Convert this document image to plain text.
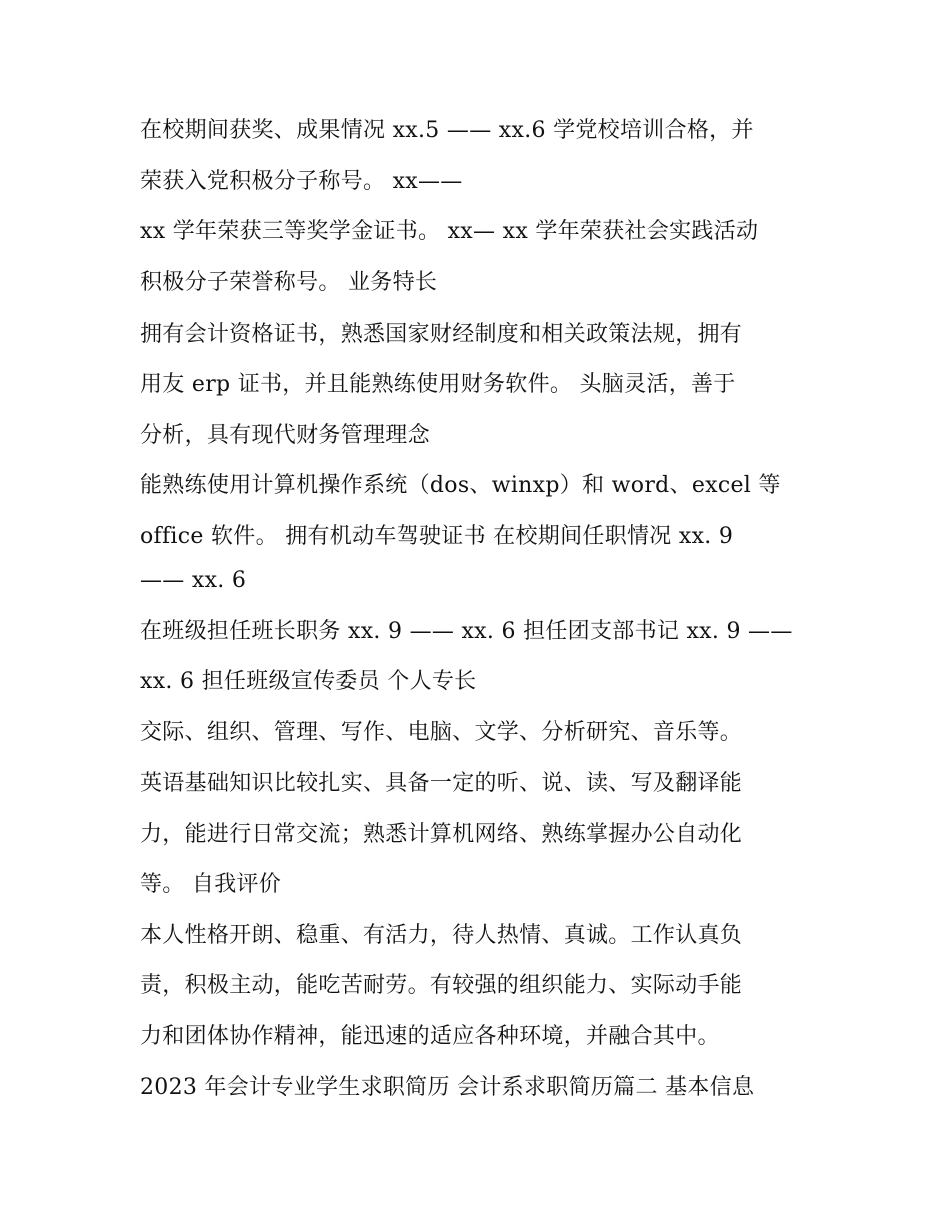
在校期间获奖、成果情况 xx.5 —— xx.6 学党校培训合格，并
荣获入党积极分子称号。 xx——
xx 学年荣获三等奖学金证书。 xx— xx 学年荣获社会实践活动
积极分子荣誉称号。 业务特长
拥有会计资格证书，熟悉国家财经制度和相关政策法规，拥有
用友 erp 证书，并且能熟练使用财务软件。 头脑灵活，善于
分析，具有现代财务管理理念
能熟练使用计算机操作系统（dos、winxp）和 word、excel 等
office 软件。 拥有机动车驾驶证书 在校期间任职情况 xx. 9
—— xx. 6
在班级担任班长职务 xx. 9 —— xx. 6 担任团支部书记 xx. 9 ——
xx. 6 担任班级宣传委员 个人专长
交际、组织、管理、写作、电脑、文学、分析研究、音乐等。
英语基础知识比较扎实、具备一定的听、说、读、写及翻译能
力，能进行日常交流；熟悉计算机网络、熟练掌握办公自动化
等。 自我评价
本人性格开朗、稳重、有活力，待人热情、真诚。工作认真负
责，积极主动，能吃苦耐劳。有较强的组织能力、实际动手能
力和团体协作精神，能迅速的适应各种环境，并融合其中。
2023 年会计专业学生求职简历 会计系求职简历篇二 基本信息
